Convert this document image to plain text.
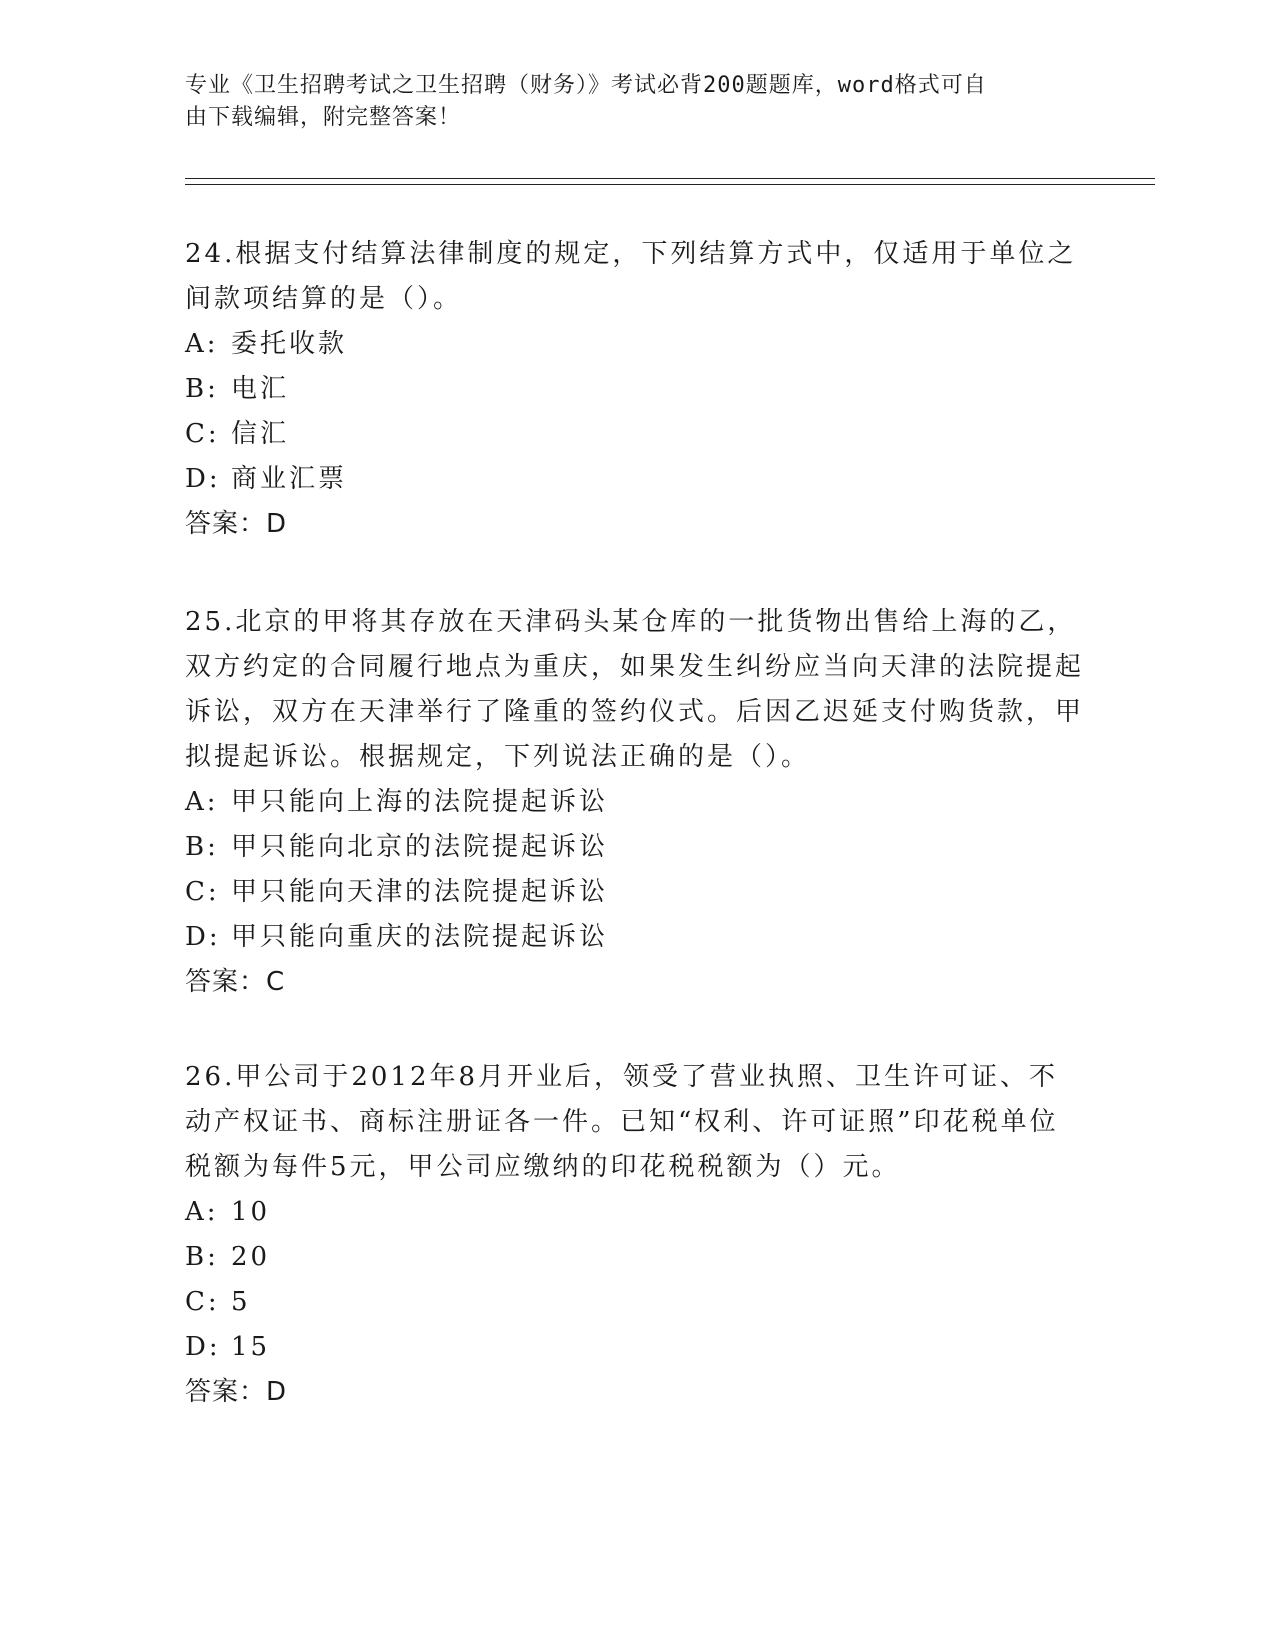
专业《卫生招聘考试之卫生招聘（财务）》考试必背200题题库，word格式可自
由下载编辑，附完整答案！
24.根据支付结算法律制度的规定，下列结算方式中，仅适用于单位之间款项结算的是（）。
A: 委托收款
B: 电汇
C: 信汇
D: 商业汇票
答案：D
25.北京的甲将其存放在天津码头某仓库的一批货物出售给上海的乙，双方约定的合同履行地点为重庆，如果发生纠纷应当向天津的法院提起诉讼，双方在天津举行了隆重的签约仪式。后因乙迟延支付购货款，甲拟提起诉讼。根据规定，下列说法正确的是（）。
A: 甲只能向上海的法院提起诉讼
B: 甲只能向北京的法院提起诉讼
C: 甲只能向天津的法院提起诉讼
D: 甲只能向重庆的法院提起诉讼
答案：C
26.甲公司于2012年8月开业后，领受了营业执照、卫生许可证、不动产权证书、商标注册证各一件。已知“权利、许可证照”印花税单位税额为每件5元，甲公司应缴纳的印花税税额为（）元。
A: 10
B: 20
C: 5
D: 15
答案：D
